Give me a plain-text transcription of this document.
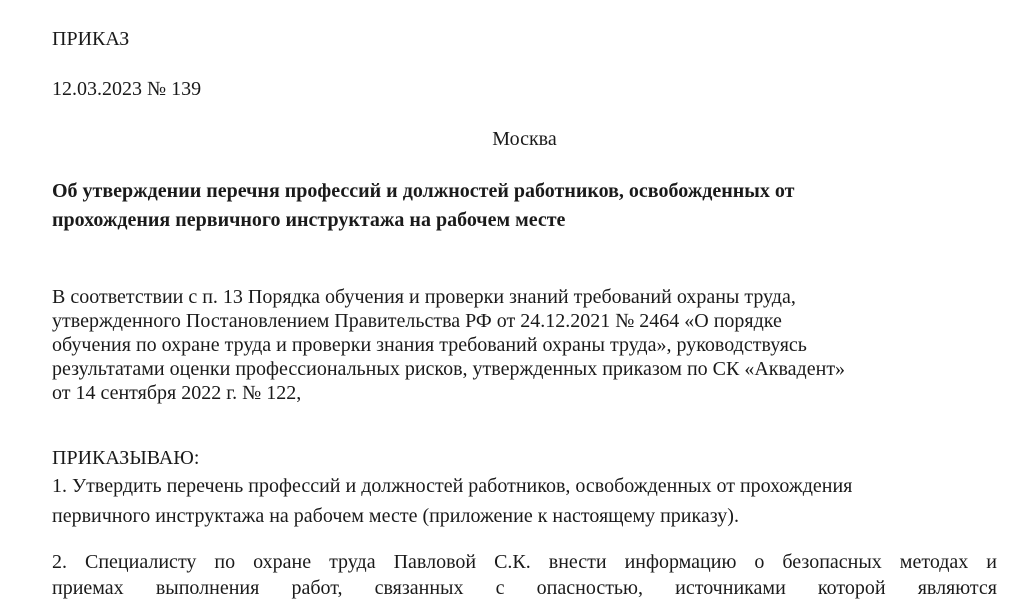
ПРИКАЗ
12.03.2023 № 139
Москва
Об утверждении перечня профессий и должностей работников, освобожденных от
прохождения первичного инструктажа на рабочем месте
В соответствии с п. 13 Порядка обучения и проверки знаний требований охраны труда,
утвержденного Постановлением Правительства РФ от 24.12.2021 № 2464 «О порядке
обучения по охране труда и проверки знания требований охраны труда», руководствуясь
результатами оценки профессиональных рисков, утвержденных приказом по СК «Аквадент»
от 14 сентября 2022 г. № 122,
ПРИКАЗЫВАЮ:
1. Утвердить перечень профессий и должностей работников, освобожденных от прохождения
первичного инструктажа на рабочем месте (приложение к настоящему приказу).
2. Специалисту по охране труда Павловой С.К. внести информацию о безопасных методах и
приемах выполнения работ, связанных с опасностью, источниками которой являются
